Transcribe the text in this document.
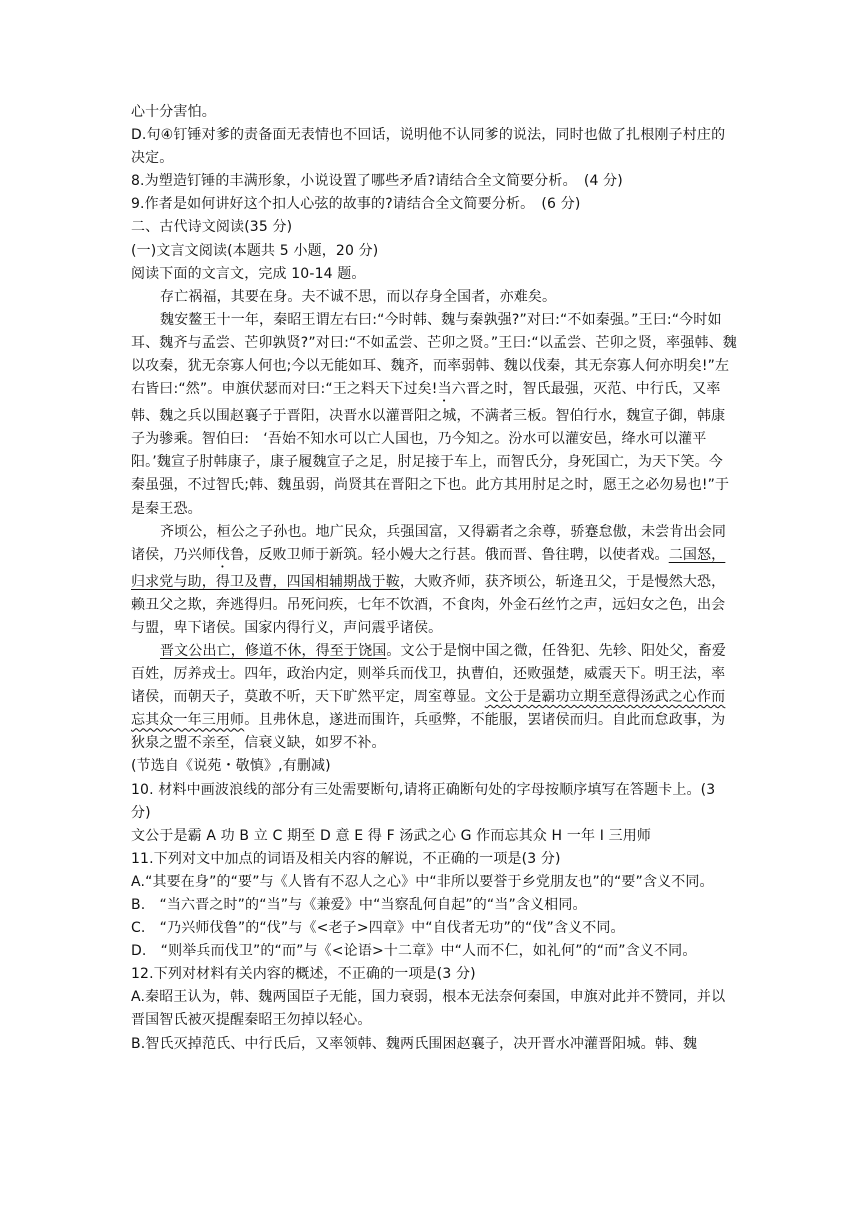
心十分害怕。

D.句④钉锤对爹的责备面无表情也不回话，说明他不认同爹的说法，同时也做了扎根刚子村庄的决定。

8.为塑造钉锤的丰满形象，小说设置了哪些矛盾?请结合全文简要分析。　(4 分)

9.作者是如何讲好这个扣人心弦的故事的?请结合全文简要分析。　(6 分)

二、古代诗文阅读(35 分)

(一)文言文阅读(本题共 5 小题，20 分)

阅读下面的文言文，完成 10-14 题。

存亡祸福，其要在身。夫不诚不思，而以存身全国者，亦难矣。

魏安鳌王十一年，秦昭王谓左右曰:“今时韩、魏与秦孰强?”对曰:“不如秦强。”王曰:“今时如耳、魏齐与孟尝、芒卯孰贤?”对曰:“不如孟尝、芒卯之贤。”王曰:“以孟尝、芒卯之贤，率强韩、魏以攻秦，犹无奈寡人何也;今以无能如耳、魏齐，而率弱韩、魏以伐秦，其无奈寡人何亦明矣!”左右皆曰:“然”。申旗伏瑟而对曰:“王之料天下过矣!当六晋之时，智氏最强，灭范、中行氏，又率韩、魏之兵以围赵襄子于晋阳，决晋水以灌晋阳之城，不满者三板。智伯行水，魏宣子御，韩康子为骖乘。智伯曰:　‘吾始不知水可以亡人国也，乃今知之。汾水可以灌安邑，绛水可以灌平阳。’魏宣子肘韩康子，康子履魏宣子之足，肘足接于车上，而智氏分，身死国亡，为天下笑。今秦虽强，不过智氏;韩、魏虽弱，尚贤其在晋阳之下也。此方其用肘足之时，愿王之必勿易也!”于是秦王恐。

齐顷公，桓公之子孙也。地广民众，兵强国富，又得霸者之余尊，骄蹇怠傲，未尝肯出会同诸侯，乃兴师伐鲁，反败卫师于新筑。轻小嫚大之行甚。俄而晋、鲁往聘，以使者戏。二国怒，归求党与助，得卫及曹，四国相辅期战于鞍，大败齐师，获齐顷公，斩逄丑父，于是慢然大恐，赖丑父之欺，奔逃得归。吊死问疾，七年不饮酒，不食肉，外金石丝竹之声，远妇女之色，出会与盟，卑下诸侯。国家内得行义，声问震乎诸侯。

晋文公出亡，修道不休，得至于饶国。文公于是悯中国之微，任咎犯、先轸、阳处父，畜爱百姓，厉养戎士。四年，政治内定，则举兵而伐卫，执曹伯，还败强楚，威震天下。明王法，率诸侯，而朝天子，莫敢不听，天下旷然平定，周室尊显。文公于是霸功立期至意得汤武之心作而忘其众一年三用师。且弗休息，遂进而围许，兵亟弊，不能服，罢诸侯而归。自此而怠政事，为狄泉之盟不亲至，信衰义缺，如罗不补。

(节选自《说苑・敬慎》,有删减)

10. 材料中画波浪线的部分有三处需要断句,请将正确断句处的字母按顺序填写在答题卡上。(3 分)

文公于是霸 A 功 B 立 C 期至 D 意 E 得 F 汤武之心 G 作而忘其众 H 一年 I 三用师

11.下列对文中加点的词语及相关内容的解说，不正确的一项是(3 分)

A.“其要在身”的“要”与《人皆有不忍人之心》中“非所以要誉于乡党朋友也”的“要”含义不同。

B.　“当六晋之时”的“当”与《兼爱》中“当察乱何自起”的“当”含义相同。

C.　“乃兴师伐鲁”的“伐”与《<老子>四章》中“自伐者无功”的“伐”含义不同。

D.　“则举兵而伐卫”的“而”与《<论语>十二章》中“人而不仁，如礼何”的“而”含义不同。

12.下列对材料有关内容的概述，不正确的一项是(3 分)

A.秦昭王认为，韩、魏两国臣子无能，国力衰弱，根本无法奈何秦国，申旗对此并不赞同，并以晋国智氏被灭提醒秦昭王勿掉以轻心。

B.智氏灭掉范氏、中行氏后，又率领韩、魏两氏围困赵襄子，决开晋水冲灌晋阳城。韩、魏
